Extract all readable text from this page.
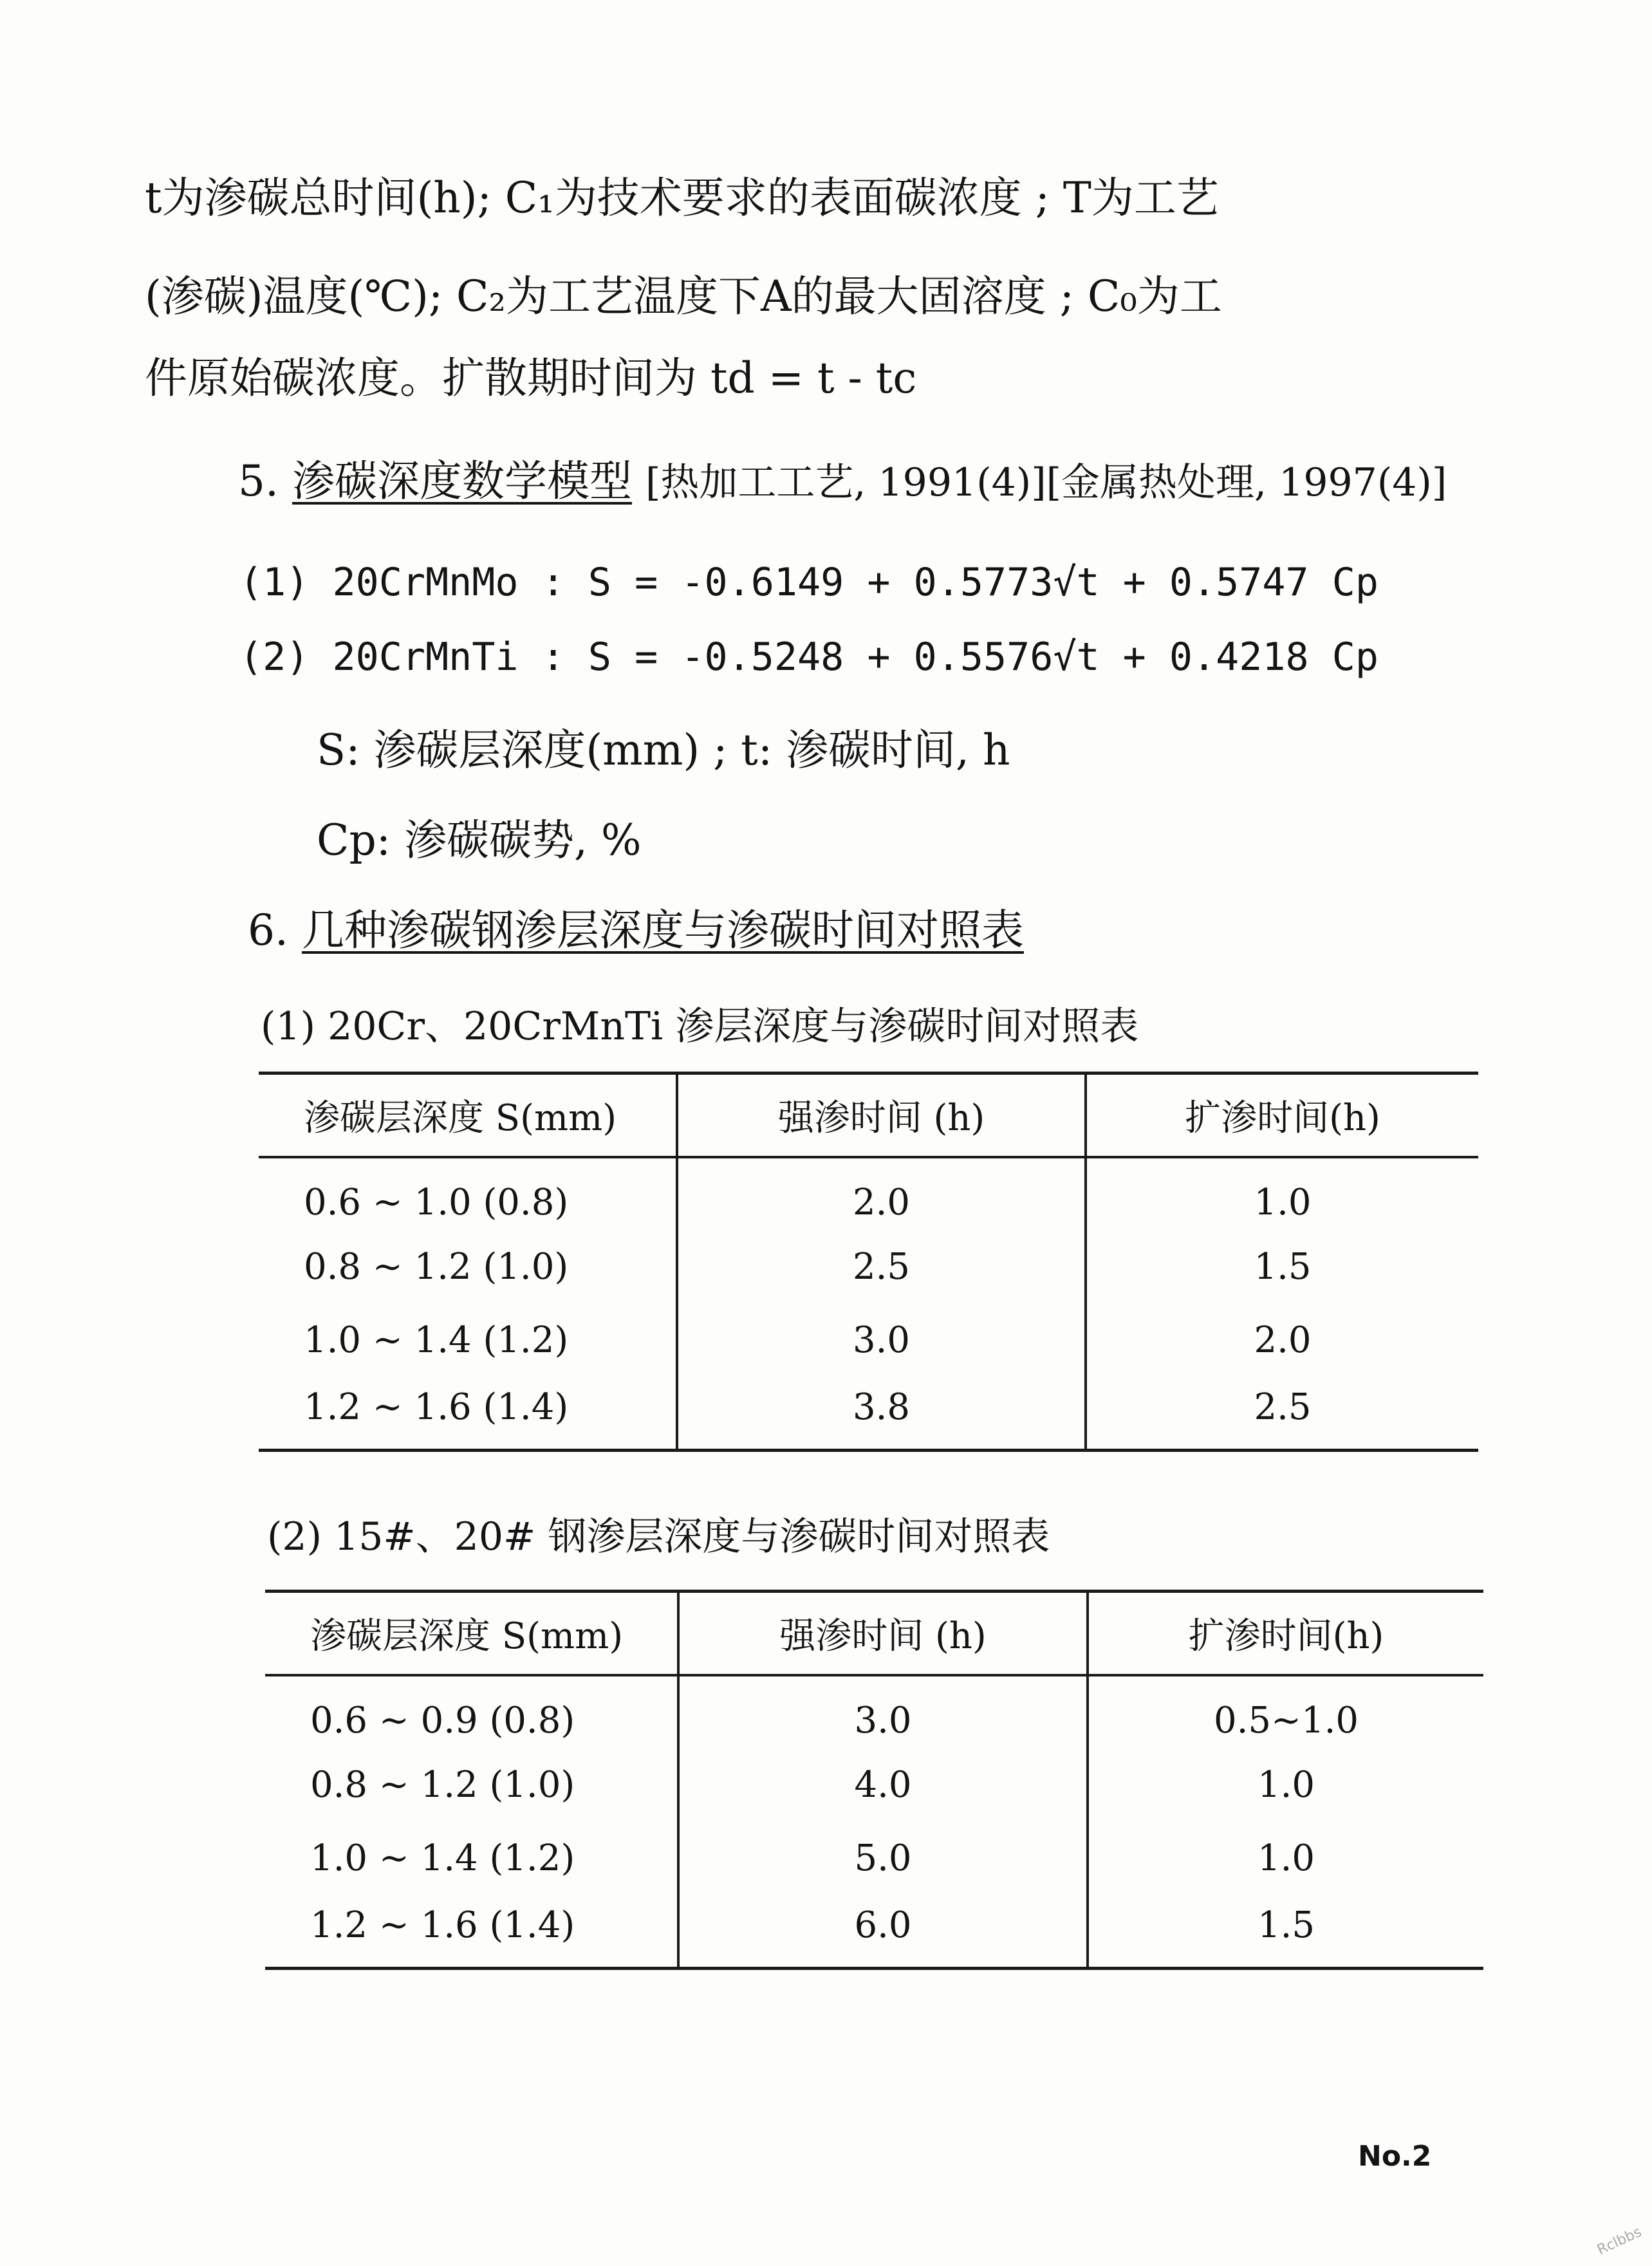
t为渗碳总时间(h); C₁为技术要求的表面碳浓度 ; T为工艺
(渗碳)温度(℃); C₂为工艺温度下A的最大固溶度 ; C₀为工
件原始碳浓度。扩散期时间为 td = t - tc
5. 渗碳深度数学模型 [热加工工艺, 1991(4)][金属热处理, 1997(4)]
(1) 20CrMnMo : S = -0.6149 + 0.5773√t + 0.5747 Cp
(2) 20CrMnTi : S = -0.5248 + 0.5576√t + 0.4218 Cp
S: 渗碳层深度(mm) ; t: 渗碳时间, h
Cp: 渗碳碳势, %
6. 几种渗碳钢渗层深度与渗碳时间对照表
(1) 20Cr、20CrMnTi 渗层深度与渗碳时间对照表
渗碳层深度 S(mm)	强渗时间 (h)	扩渗时间(h)
0.6 ~ 1.0 (0.8)	2.0	1.0
0.8 ~ 1.2 (1.0)	2.5	1.5
1.0 ~ 1.4 (1.2)	3.0	2.0
1.2 ~ 1.6 (1.4)	3.8	2.5
(2) 15#、20# 钢渗层深度与渗碳时间对照表
渗碳层深度 S(mm)	强渗时间 (h)	扩渗时间(h)
0.6 ~ 0.9 (0.8)	3.0	0.5~1.0
0.8 ~ 1.2 (1.0)	4.0	1.0
1.0 ~ 1.4 (1.2)	5.0	1.0
1.2 ~ 1.6 (1.4)	6.0	1.5
No.2
Rclbbs
